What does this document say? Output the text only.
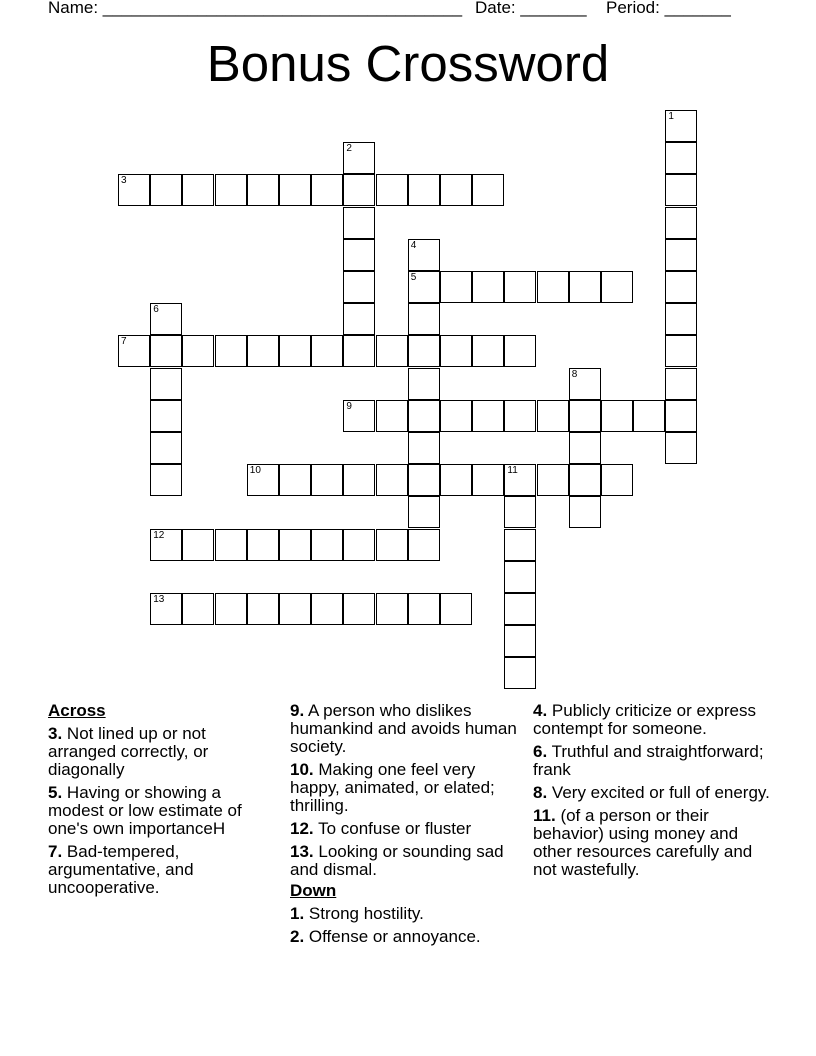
Name: ______________________________________ Date: _______ Period: _______
Bonus Crossword
1
2
3
4
5
6
7
8
9
10	11
12
13
Across
3. Not lined up or not arranged correctly, or diagonally
5. Having or showing a modest or low estimate of one's own importanceH
7. Bad-tempered, argumentative, and uncooperative.
9. A person who dislikes humankind and avoids human society.
10. Making one feel very happy, animated, or elated; thrilling.
12. To confuse or fluster
13. Looking or sounding sad and dismal.
Down
1. Strong hostility.
2. Offense or annoyance.
4. Publicly criticize or express contempt for someone.
6. Truthful and straightforward; frank
8. Very excited or full of energy.
11. (of a person or their behavior) using money and other resources carefully and not wastefully.
